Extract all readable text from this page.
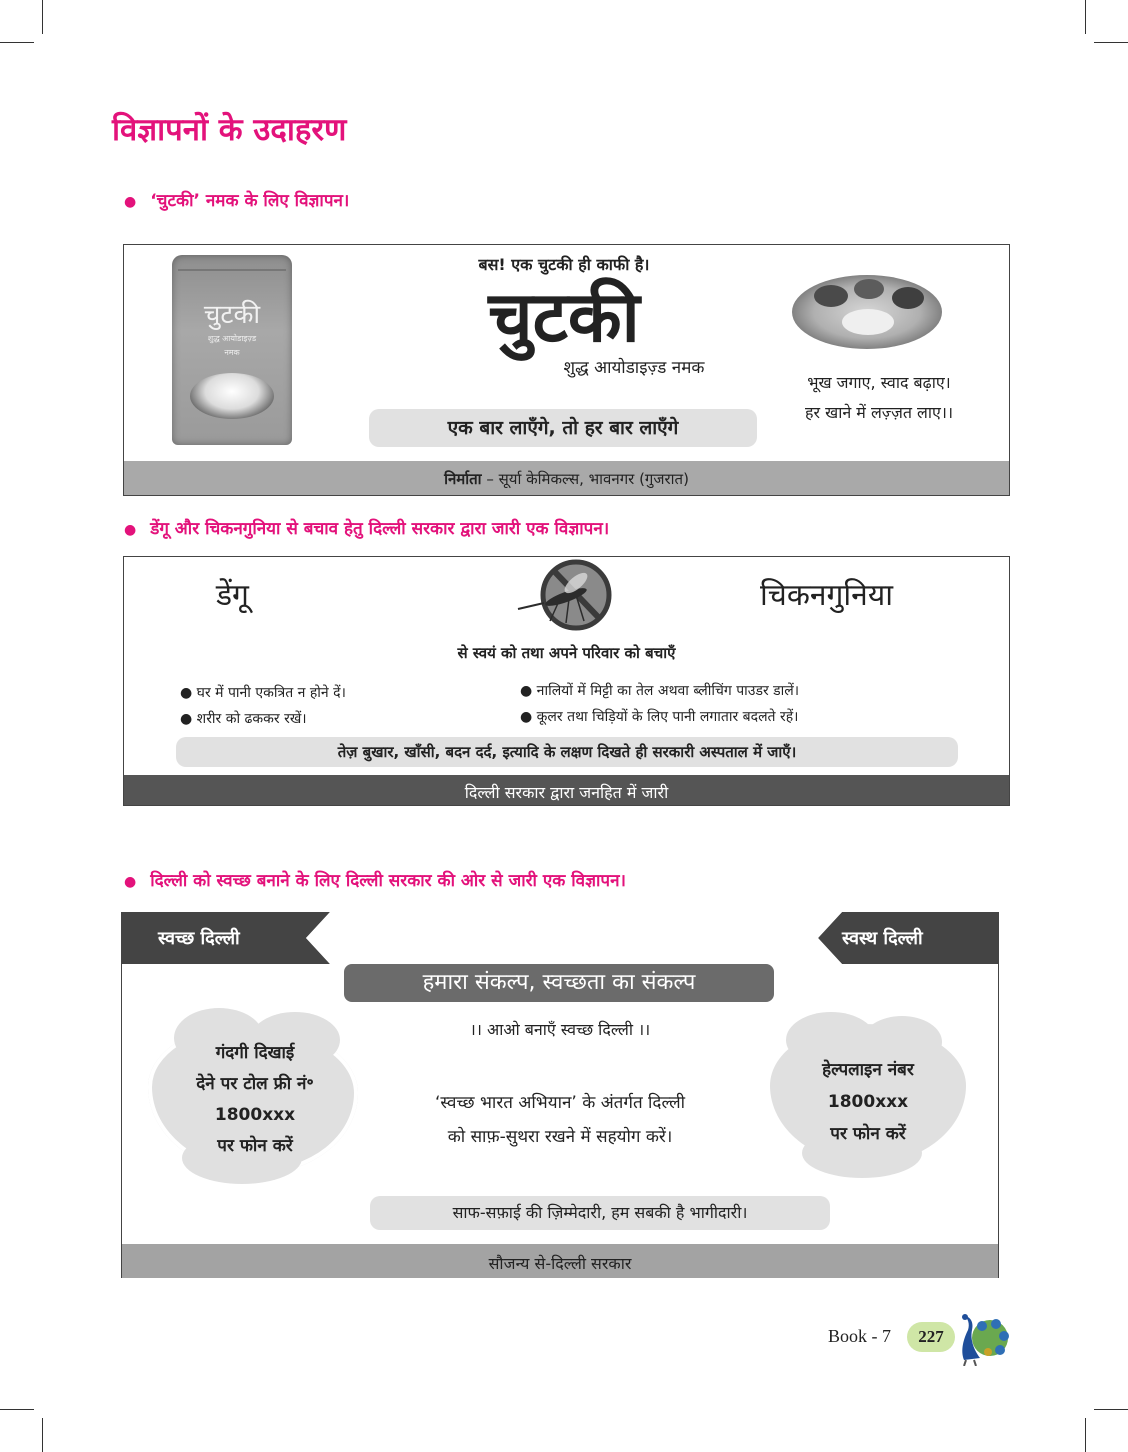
विज्ञापनों के उदाहरण
● ‘चुटकी’ नमक के लिए विज्ञापन।
चुटकी
शुद्ध आयोडाइज़्ड
नमक
बस! एक चुटकी ही काफी है।
चुटकी
शुद्ध आयोडाइज़्ड नमक
एक बार लाएँगे, तो हर बार लाएँगे
भूख जगाए, स्वाद बढ़ाए।
हर खाने में लज़्ज़त लाए।।
निर्माता – सूर्या केमिकल्स, भावनगर (गुजरात)
● डेंगू और चिकनगुनिया से बचाव हेतु दिल्ली सरकार द्वारा जारी एक विज्ञापन।
डेंगू	चिकनगुनिया
से स्वयं को तथा अपने परिवार को बचाएँ
● घर में पानी एकत्रित न होने दें।
● शरीर को ढककर रखें।
● नालियों में मिट्टी का तेल अथवा ब्लीचिंग पाउडर डालें।
● कूलर तथा चिड़ियों के लिए पानी लगातार बदलते रहें।
तेज़ बुखार, खाँसी, बदन दर्द, इत्यादि के लक्षण दिखते ही सरकारी अस्पताल में जाएँ।
दिल्ली सरकार द्वारा जनहित में जारी
● दिल्ली को स्वच्छ बनाने के लिए दिल्ली सरकार की ओर से जारी एक विज्ञापन।
स्वच्छ दिल्ली	स्वस्थ दिल्ली
हमारा संकल्प, स्वच्छता का संकल्प
।। आओ बनाएँ स्वच्छ दिल्ली ।।
गंदगी दिखाई
देने पर टोल फ्री नं॰
1800xxx
पर फोन करें
‘स्वच्छ भारत अभियान’ के अंतर्गत दिल्ली
को साफ़-सुथरा रखने में सहयोग करें।
हेल्पलाइन नंबर
1800xxx
पर फोन करें
साफ-सफ़ाई की ज़िम्मेदारी, हम सबकी है भागीदारी।
सौजन्य से-दिल्ली सरकार
Book - 7	227
